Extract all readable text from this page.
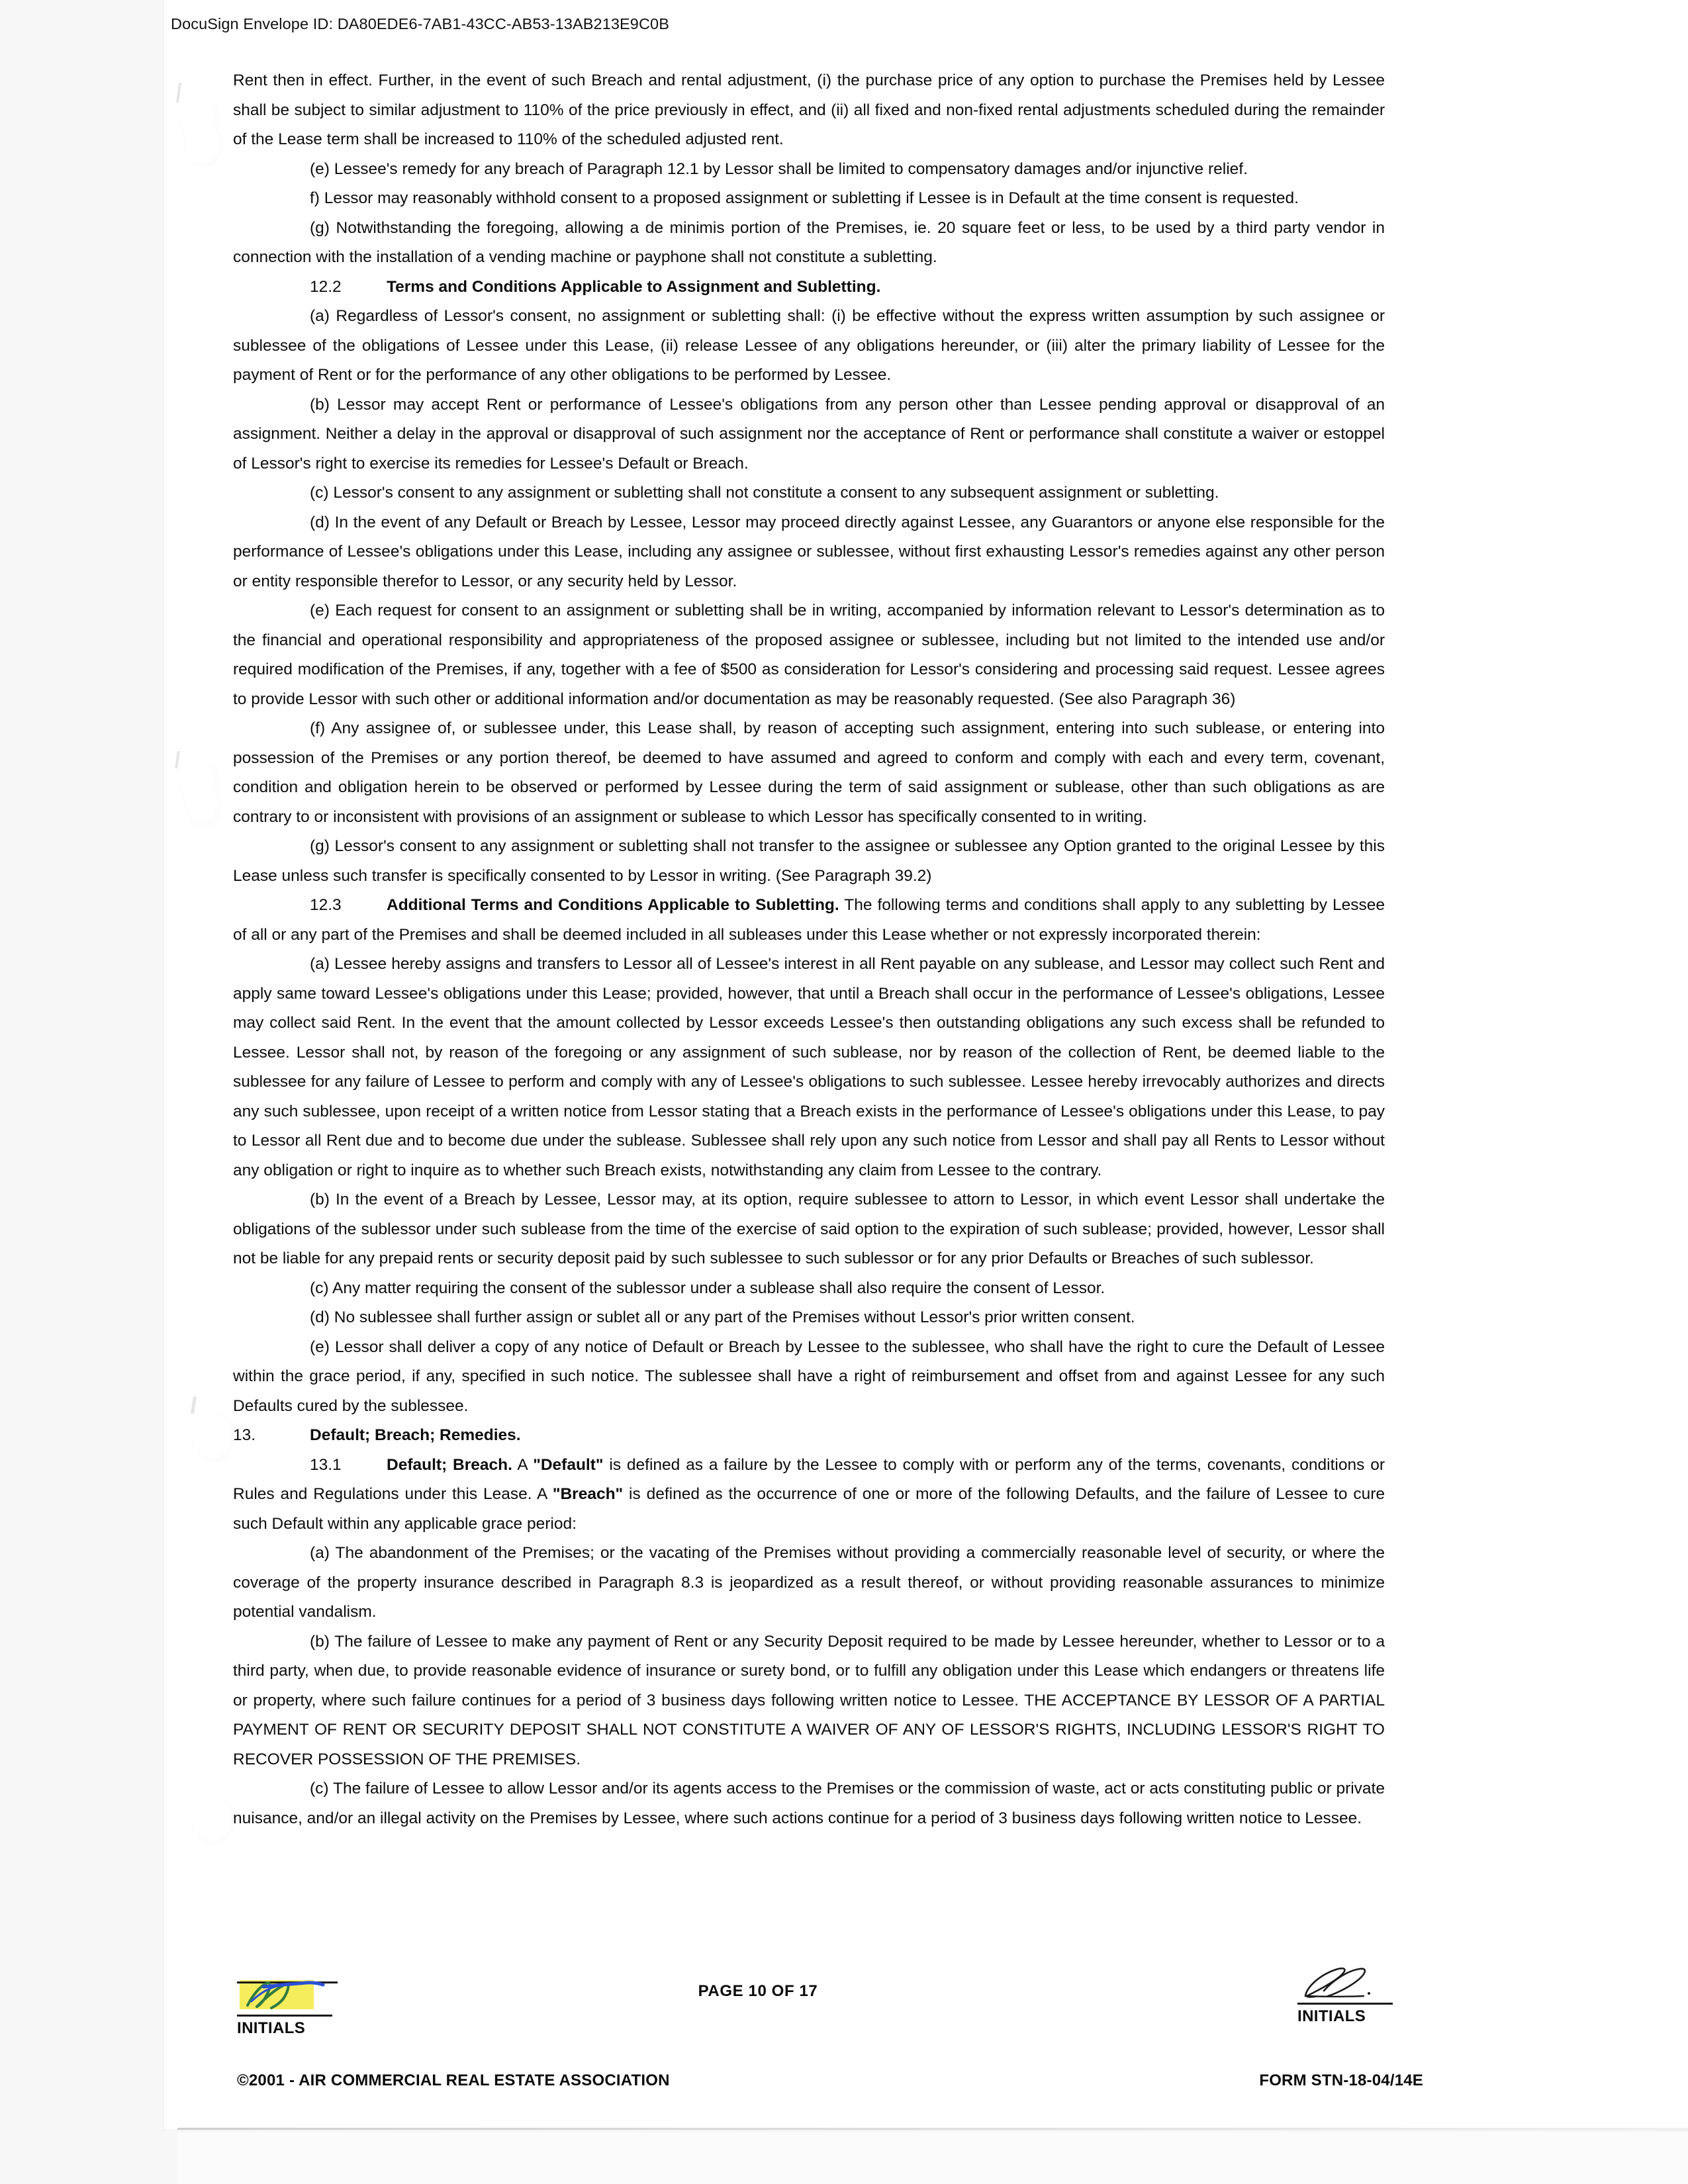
DocuSign Envelope ID: DA80EDE6-7AB1-43CC-AB53-13AB213E9C0B

Rent then in effect. Further, in the event of such Breach and rental adjustment, (i) the purchase price of any option to purchase the Premises held by Lessee shall be subject to similar adjustment to 110% of the price previously in effect, and (ii) all fixed and non-fixed rental adjustments scheduled during the remainder of the Lease term shall be increased to 110% of the scheduled adjusted rent.

(e) Lessee's remedy for any breach of Paragraph 12.1 by Lessor shall be limited to compensatory damages and/or injunctive relief.

f) Lessor may reasonably withhold consent to a proposed assignment or subletting if Lessee is in Default at the time consent is requested.

(g) Notwithstanding the foregoing, allowing a de minimis portion of the Premises, ie. 20 square feet or less, to be used by a third party vendor in connection with the installation of a vending machine or payphone shall not constitute a subletting.

12.2	Terms and Conditions Applicable to Assignment and Subletting.

(a) Regardless of Lessor's consent, no assignment or subletting shall: (i) be effective without the express written assumption by such assignee or sublessee of the obligations of Lessee under this Lease, (ii) release Lessee of any obligations hereunder, or (iii) alter the primary liability of Lessee for the payment of Rent or for the performance of any other obligations to be performed by Lessee.

(b) Lessor may accept Rent or performance of Lessee's obligations from any person other than Lessee pending approval or disapproval of an assignment. Neither a delay in the approval or disapproval of such assignment nor the acceptance of Rent or performance shall constitute a waiver or estoppel of Lessor's right to exercise its remedies for Lessee's Default or Breach.

(c) Lessor's consent to any assignment or subletting shall not constitute a consent to any subsequent assignment or subletting.

(d) In the event of any Default or Breach by Lessee, Lessor may proceed directly against Lessee, any Guarantors or anyone else responsible for the performance of Lessee's obligations under this Lease, including any assignee or sublessee, without first exhausting Lessor's remedies against any other person or entity responsible therefor to Lessor, or any security held by Lessor.

(e) Each request for consent to an assignment or subletting shall be in writing, accompanied by information relevant to Lessor's determination as to the financial and operational responsibility and appropriateness of the proposed assignee or sublessee, including but not limited to the intended use and/or required modification of the Premises, if any, together with a fee of $500 as consideration for Lessor's considering and processing said request. Lessee agrees to provide Lessor with such other or additional information and/or documentation as may be reasonably requested. (See also Paragraph 36)

(f) Any assignee of, or sublessee under, this Lease shall, by reason of accepting such assignment, entering into such sublease, or entering into possession of the Premises or any portion thereof, be deemed to have assumed and agreed to conform and comply with each and every term, covenant, condition and obligation herein to be observed or performed by Lessee during the term of said assignment or sublease, other than such obligations as are contrary to or inconsistent with provisions of an assignment or sublease to which Lessor has specifically consented to in writing.

(g) Lessor's consent to any assignment or subletting shall not transfer to the assignee or sublessee any Option granted to the original Lessee by this Lease unless such transfer is specifically consented to by Lessor in writing. (See Paragraph 39.2)

12.3	Additional Terms and Conditions Applicable to Subletting. The following terms and conditions shall apply to any subletting by Lessee of all or any part of the Premises and shall be deemed included in all subleases under this Lease whether or not expressly incorporated therein:

(a) Lessee hereby assigns and transfers to Lessor all of Lessee's interest in all Rent payable on any sublease, and Lessor may collect such Rent and apply same toward Lessee's obligations under this Lease; provided, however, that until a Breach shall occur in the performance of Lessee's obligations, Lessee may collect said Rent. In the event that the amount collected by Lessor exceeds Lessee's then outstanding obligations any such excess shall be refunded to Lessee. Lessor shall not, by reason of the foregoing or any assignment of such sublease, nor by reason of the collection of Rent, be deemed liable to the sublessee for any failure of Lessee to perform and comply with any of Lessee's obligations to such sublessee. Lessee hereby irrevocably authorizes and directs any such sublessee, upon receipt of a written notice from Lessor stating that a Breach exists in the performance of Lessee's obligations under this Lease, to pay to Lessor all Rent due and to become due under the sublease. Sublessee shall rely upon any such notice from Lessor and shall pay all Rents to Lessor without any obligation or right to inquire as to whether such Breach exists, notwithstanding any claim from Lessee to the contrary.

(b) In the event of a Breach by Lessee, Lessor may, at its option, require sublessee to attorn to Lessor, in which event Lessor shall undertake the obligations of the sublessor under such sublease from the time of the exercise of said option to the expiration of such sublease; provided, however, Lessor shall not be liable for any prepaid rents or security deposit paid by such sublessee to such sublessor or for any prior Defaults or Breaches of such sublessor.

(c) Any matter requiring the consent of the sublessor under a sublease shall also require the consent of Lessor.

(d) No sublessee shall further assign or sublet all or any part of the Premises without Lessor's prior written consent.

(e) Lessor shall deliver a copy of any notice of Default or Breach by Lessee to the sublessee, who shall have the right to cure the Default of Lessee within the grace period, if any, specified in such notice. The sublessee shall have a right of reimbursement and offset from and against Lessee for any such Defaults cured by the sublessee.

13.	Default; Breach; Remedies.

13.1	Default; Breach. A "Default" is defined as a failure by the Lessee to comply with or perform any of the terms, covenants, conditions or Rules and Regulations under this Lease. A "Breach" is defined as the occurrence of one or more of the following Defaults, and the failure of Lessee to cure such Default within any applicable grace period:

(a) The abandonment of the Premises; or the vacating of the Premises without providing a commercially reasonable level of security, or where the coverage of the property insurance described in Paragraph 8.3 is jeopardized as a result thereof, or without providing reasonable assurances to minimize potential vandalism.

(b) The failure of Lessee to make any payment of Rent or any Security Deposit required to be made by Lessee hereunder, whether to Lessor or to a third party, when due, to provide reasonable evidence of insurance or surety bond, or to fulfill any obligation under this Lease which endangers or threatens life or property, where such failure continues for a period of 3 business days following written notice to Lessee. THE ACCEPTANCE BY LESSOR OF A PARTIAL PAYMENT OF RENT OR SECURITY DEPOSIT SHALL NOT CONSTITUTE A WAIVER OF ANY OF LESSOR'S RIGHTS, INCLUDING LESSOR'S RIGHT TO RECOVER POSSESSION OF THE PREMISES.

(c) The failure of Lessee to allow Lessor and/or its agents access to the Premises or the commission of waste, act or acts constituting public or private nuisance, and/or an illegal activity on the Premises by Lessee, where such actions continue for a period of 3 business days following written notice to Lessee.

PAGE 10 OF 17
INITIALS
INITIALS
©2001 - AIR COMMERCIAL REAL ESTATE ASSOCIATION	FORM STN-18-04/14E
